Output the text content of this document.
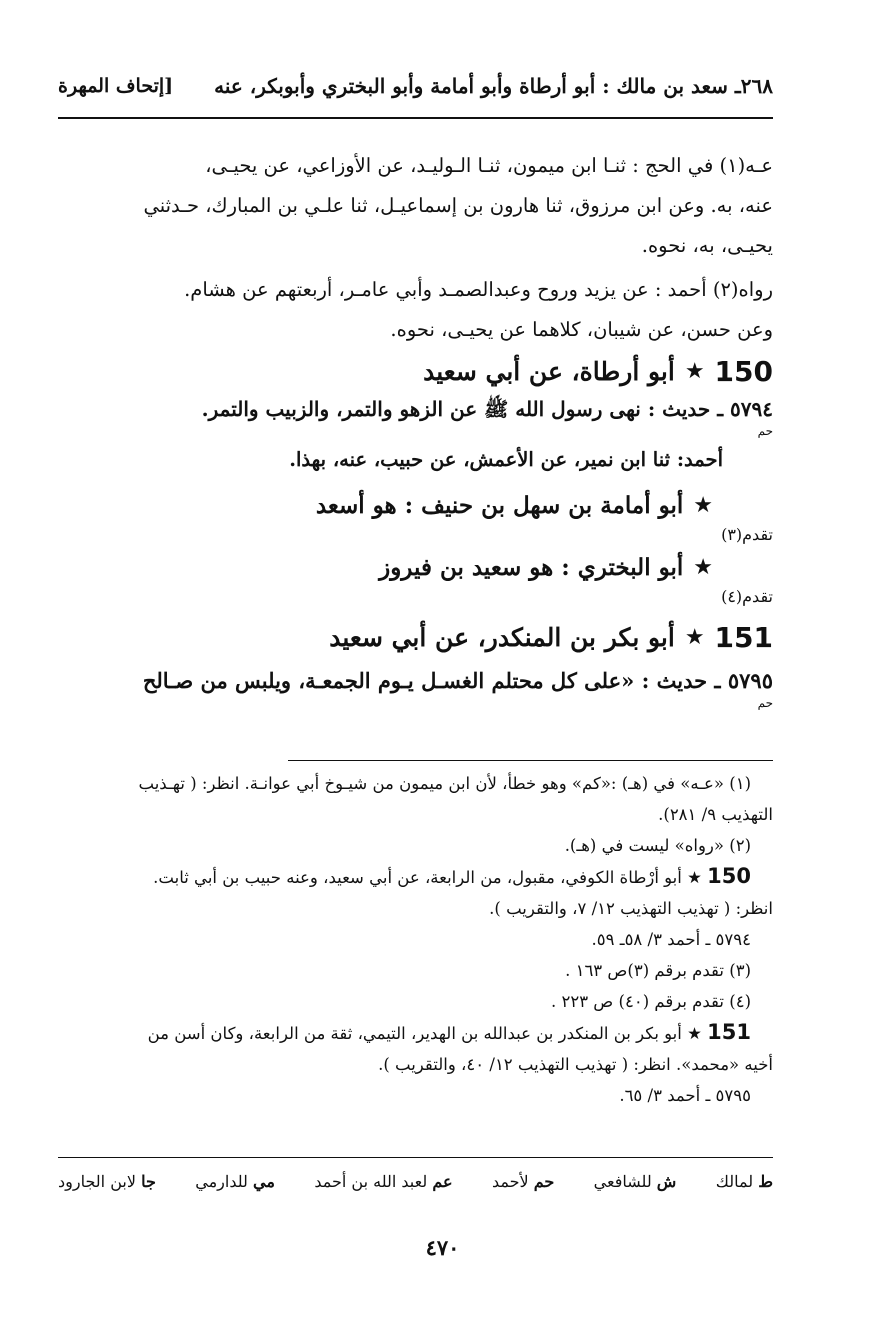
٢٦٨ـ سعد بن مالك : أبو أرطاة وأبو أمامة وأبو البختري وأبوبكر، عنه
[إتحاف المهرة
عـه(١) في الحج : ثنـا ابن ميمون، ثنـا الـوليـد، عن الأوزاعي، عن يحيـى،
عنه، به. وعن ابن مرزوق، ثنا هارون بن إسماعيـل، ثنا علـي بن المبارك، حـدثني
يحيـى، به، نحوه.
رواه(٢) أحمد : عن يزيد وروح وعبدالصمـد وأبي عامـر، أربعتهم عن هشام.
وعن حسن، عن شيبان، كلاهما عن يحيـى، نحوه.
150
★
أبو أرطاة، عن أبي سعيد
٥٧٩٤ ـ حديث : نهى رسول الله ﷺ عن الزهو والتمر، والزبيب والتمر.
حم
أحمد: ثنا ابن نمير، عن الأعمش، عن حبيب، عنه، بهذا.
★
أبو أمامة بن سهل بن حنيف : هو أسعد
تقدم(٣)
★
أبو البختري : هو سعيد بن فيروز
تقدم(٤)
151
★
أبو بكر بن المنكدر، عن أبي سعيد
٥٧٩٥ ـ حديث : «على كل محتلم الغسـل يـوم الجمعـة، ويلبس من صـالح
حم
(١) «عـه» في (هـ) :«كم» وهو خطأ، لأن ابن ميمون من شيـوخ أبي عوانـة. انظر: ( تهـذيب
التهذيب ٩/ ٢٨١).
(٢) «رواه» ليست في (هـ).
150 ★ أبو أرْطاة الكوفي، مقبول، من الرابعة، عن أبي سعيد، وعنه حبيب بن أبي ثابت.
انظر: ( تهذيب التهذيب ١٢/ ٧، والتقريب ).
٥٧٩٤ ـ أحمد ٣/ ٥٨ـ ٥٩.
(٣) تقدم برقم (٣)ص ١٦٣ .
(٤) تقدم برقم (٤٠) ص ٢٢٣ .
151 ★ أبو بكر بن المنكدر بن عبدالله بن الهدير، التيمي، ثقة من الرابعة، وكان أسن من
أخيه «محمد». انظر: ( تهذيب التهذيب ١٢/ ٤٠، والتقريب ).
٥٧٩٥ ـ أحمد ٣/ ٦٥.
ط لمالك
ش للشافعي
حم لأحمد
عم لعبد الله بن أحمد
مي للدارمي
جا لابن الجارود
٤٧٠
